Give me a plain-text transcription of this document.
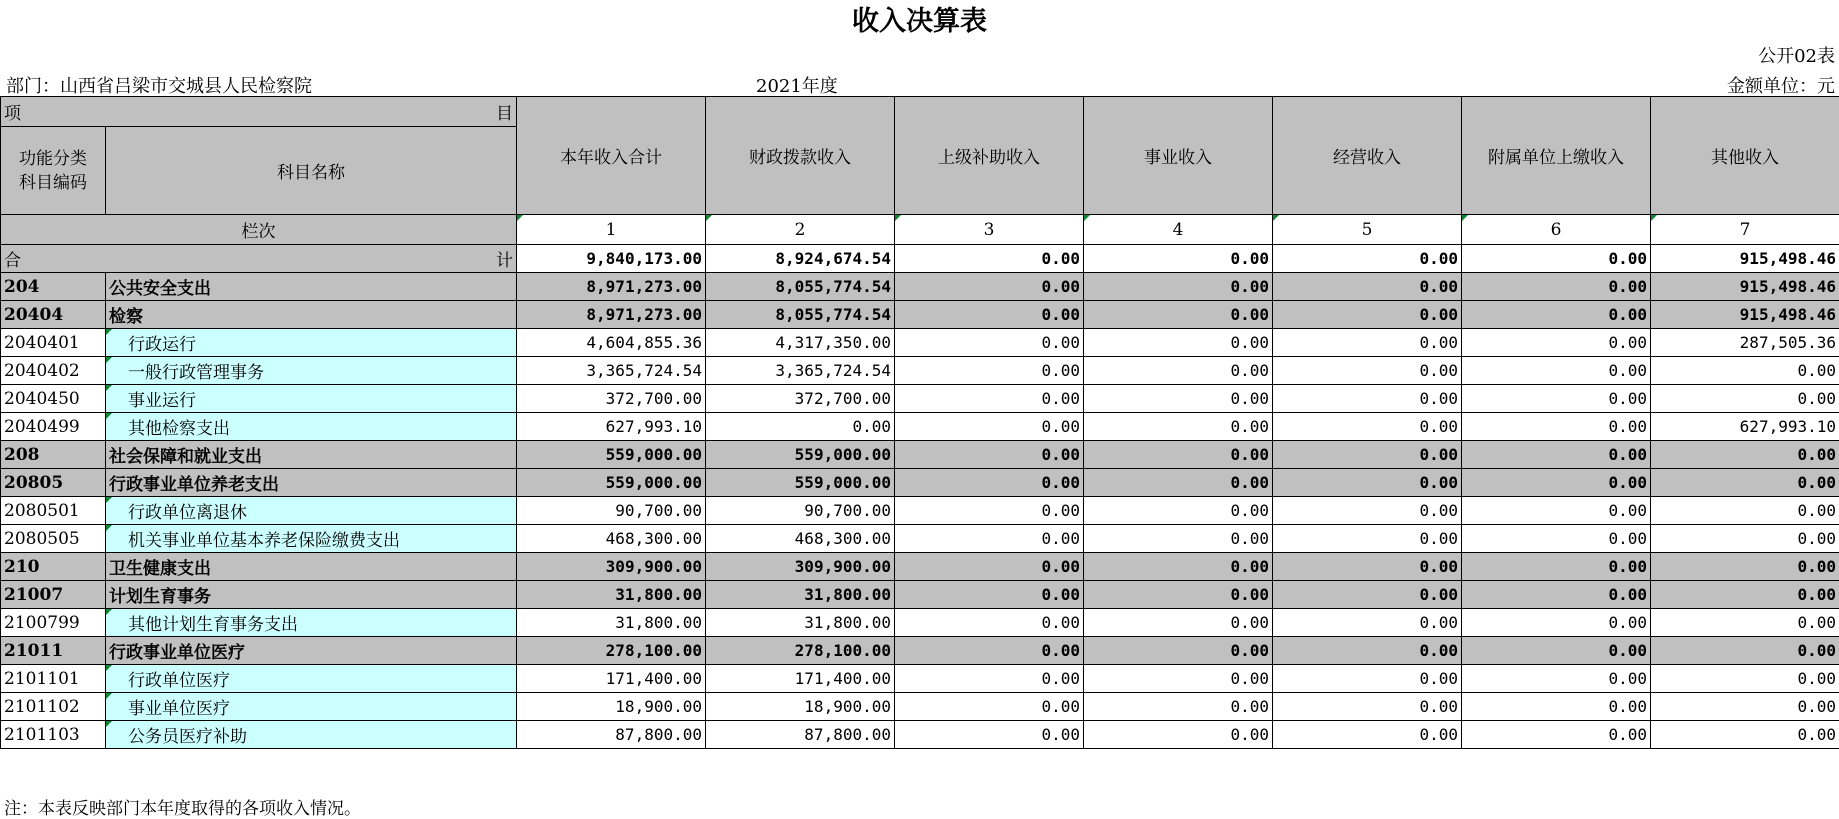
收入决算表
公开02表
部门：山西省吕梁市交城县人民检察院	2021年度	金额单位：元
项 目		本年收入合计	财政拨款收入	上级补助收入	事业收入	经营收入	附属单位上缴收入	其他收入
功能分类
科目编码	科目名称							
栏次		1	2	3	4	5	6	7

合 计		9,840,173.00	8,924,674.54	0.00	0.00	0.00	0.00	915,498.46
204	公共安全支出	8,971,273.00	8,055,774.54	0.00	0.00	0.00	0.00	915,498.46
20404	检察	8,971,273.00	8,055,774.54	0.00	0.00	0.00	0.00	915,498.46
2040401	行政运行	4,604,855.36	4,317,350.00	0.00	0.00	0.00	0.00	287,505.36
2040402	一般行政管理事务	3,365,724.54	3,365,724.54	0.00	0.00	0.00	0.00	0.00
2040450	事业运行	372,700.00	372,700.00	0.00	0.00	0.00	0.00	0.00
2040499	其他检察支出	627,993.10	0.00	0.00	0.00	0.00	0.00	627,993.10
208	社会保障和就业支出	559,000.00	559,000.00	0.00	0.00	0.00	0.00	0.00
20805	行政事业单位养老支出	559,000.00	559,000.00	0.00	0.00	0.00	0.00	0.00
2080501	行政单位离退休	90,700.00	90,700.00	0.00	0.00	0.00	0.00	0.00
2080505	机关事业单位基本养老保险缴费支出	468,300.00	468,300.00	0.00	0.00	0.00	0.00	0.00
210	卫生健康支出	309,900.00	309,900.00	0.00	0.00	0.00	0.00	0.00
21007	计划生育事务	31,800.00	31,800.00	0.00	0.00	0.00	0.00	0.00
2100799	其他计划生育事务支出	31,800.00	31,800.00	0.00	0.00	0.00	0.00	0.00
21011	行政事业单位医疗	278,100.00	278,100.00	0.00	0.00	0.00	0.00	0.00
2101101	行政单位医疗	171,400.00	171,400.00	0.00	0.00	0.00	0.00	0.00
2101102	事业单位医疗	18,900.00	18,900.00	0.00	0.00	0.00	0.00	0.00
2101103	公务员医疗补助	87,800.00	87,800.00	0.00	0.00	0.00	0.00	0.00
注：本表反映部门本年度取得的各项收入情况。
